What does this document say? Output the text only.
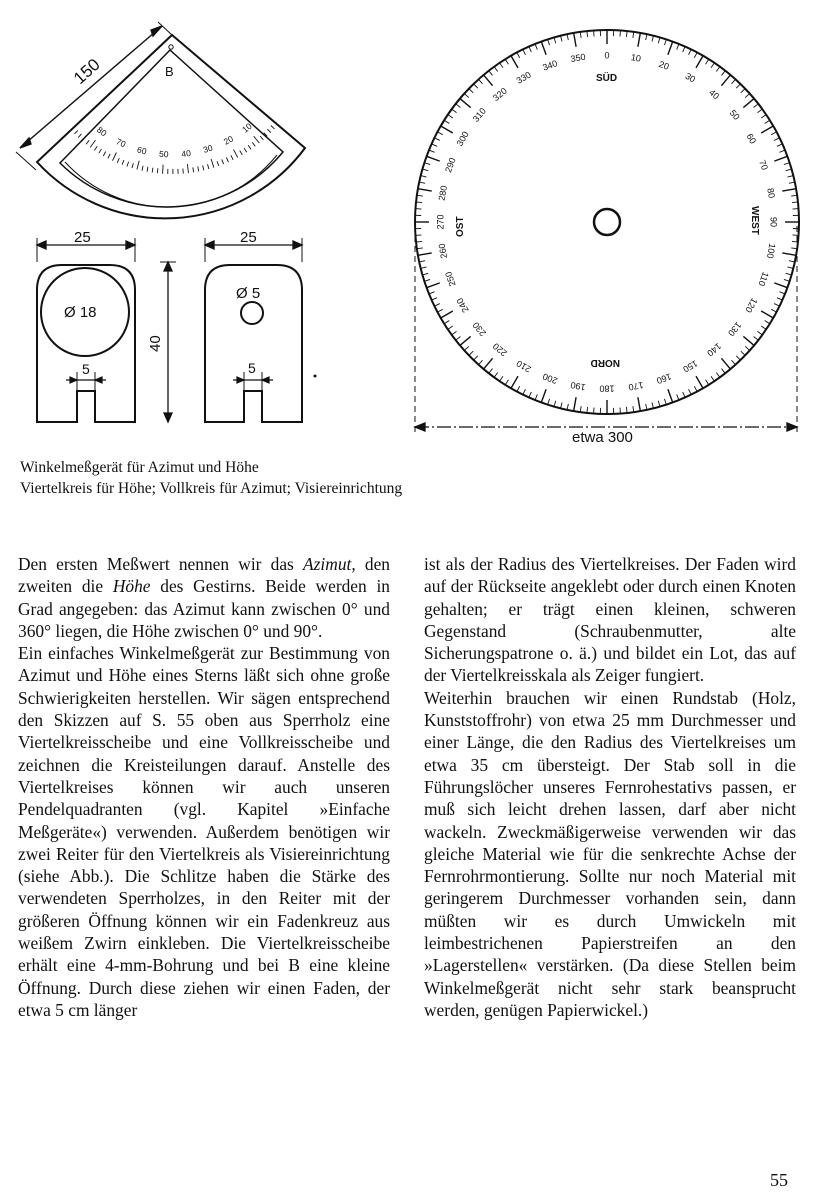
150	B
80
70
60 50 40 30
20
10
25
Ø 18
5
40
25
Ø 5
5
0 10
20
30
40
50
60
70
80
90
100
110
120
130
140
150
160
170
180
190
200
210
220
230
240
250
260
270
280
290
300
310
320
330
340
350
SÜD
WEST
NORD
OST
etwa 300
Winkelmeßgerät für Azimut und Höhe
Viertelkreis für Höhe; Vollkreis für Azimut; Visiereinrichtung

Den ersten Meßwert nennen wir das Azimut, den zweiten die Höhe des Gestirns. Beide werden in Grad angegeben: das Azimut kann zwischen 0° und 360° liegen, die Höhe zwischen 0° und 90°.

Ein einfaches Winkelmeßgerät zur Bestimmung von Azimut und Höhe eines Sterns läßt sich ohne große Schwierigkeiten herstellen. Wir sägen entsprechend den Skizzen auf S. 55 oben aus Sperrholz eine Viertelkreisscheibe und eine Vollkreisscheibe und zeichnen die Kreisteilungen darauf. Anstelle des Viertelkreises können wir auch unseren Pendelquadranten (vgl. Kapitel »Einfache Meßgeräte«) verwenden. Außerdem benötigen wir zwei Reiter für den Viertelkreis als Visiereinrichtung (siehe Abb.). Die Schlitze haben die Stärke des verwendeten Sperrholzes, in den Reiter mit der größeren Öffnung können wir ein Fadenkreuz aus weißem Zwirn einkleben. Die Viertelkreisscheibe erhält eine 4-mm-Bohrung und bei B eine kleine Öffnung. Durch diese ziehen wir einen Faden, der etwa 5 cm länger

ist als der Radius des Viertelkreises. Der Faden wird auf der Rückseite angeklebt oder durch einen Knoten gehalten; er trägt einen kleinen, schweren Gegenstand (Schraubenmutter, alte Sicherungspatrone o. ä.) und bildet ein Lot, das auf der Viertelkreisskala als Zeiger fungiert.

Weiterhin brauchen wir einen Rundstab (Holz, Kunststoffrohr) von etwa 25 mm Durchmesser und einer Länge, die den Radius des Viertelkreises um etwa 35 cm übersteigt. Der Stab soll in die Führungslöcher unseres Fernrohestativs passen, er muß sich leicht drehen lassen, darf aber nicht wackeln. Zweckmäßigerweise verwenden wir das gleiche Material wie für die senkrechte Achse der Fernrohrmontierung. Sollte nur noch Material mit geringerem Durchmesser vorhanden sein, dann müßten wir es durch Umwickeln mit leimbestrichenen Papierstreifen an den »Lagerstellen« verstärken. (Da diese Stellen beim Winkelmeßgerät nicht sehr stark beansprucht werden, genügen Papierwickel.)

55
